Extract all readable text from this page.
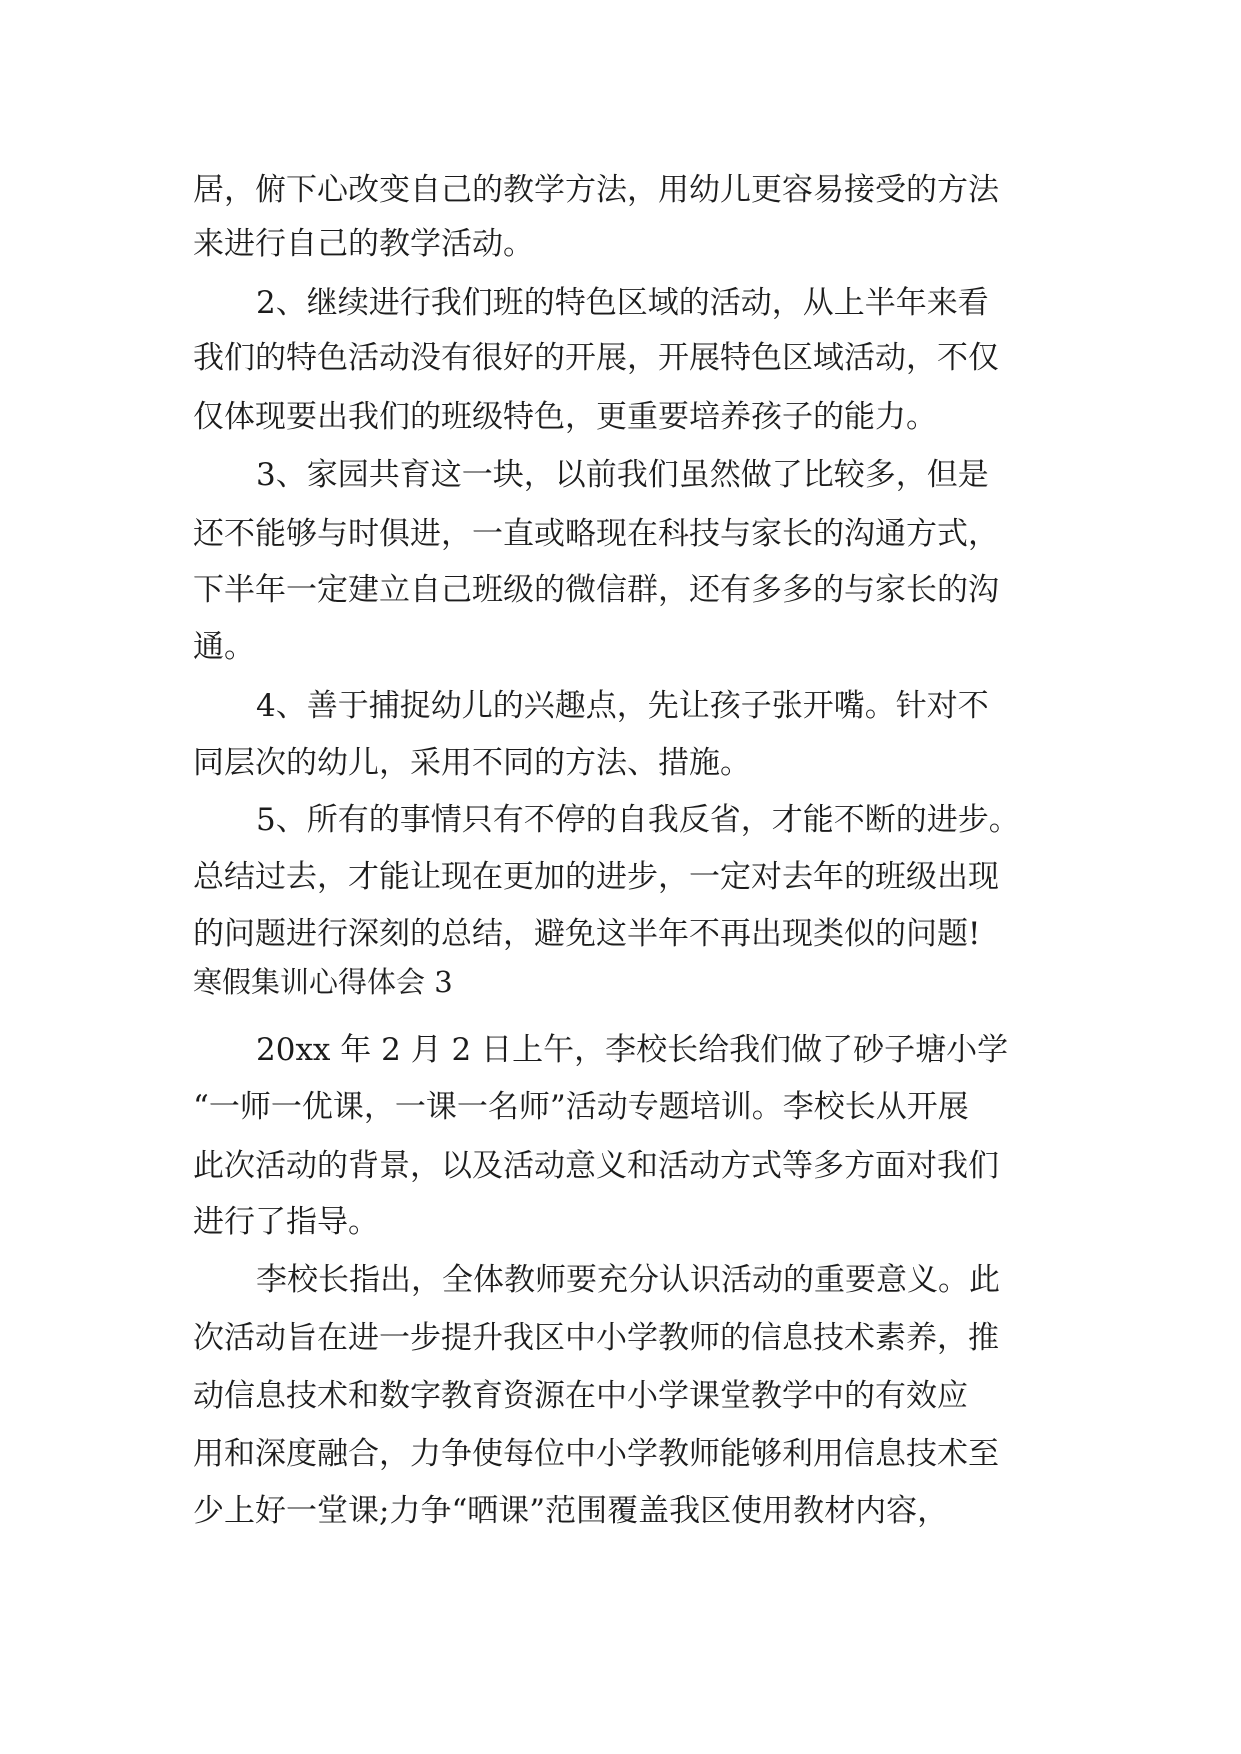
居，俯下心改变自己的教学方法，用幼儿更容易接受的方法

来进行自己的教学活动。

2、继续进行我们班的特色区域的活动，从上半年来看

我们的特色活动没有很好的开展，开展特色区域活动，不仅

仅体现要出我们的班级特色，更重要培养孩子的能力。

3、家园共育这一块，以前我们虽然做了比较多，但是

还不能够与时俱进，一直或略现在科技与家长的沟通方式，

下半年一定建立自己班级的微信群，还有多多的与家长的沟

通。

4、善于捕捉幼儿的兴趣点，先让孩子张开嘴。针对不

同层次的幼儿，采用不同的方法、措施。

5、所有的事情只有不停的自我反省，才能不断的进步。

总结过去，才能让现在更加的进步，一定对去年的班级出现

的问题进行深刻的总结，避免这半年不再出现类似的问题!

寒假集训心得体会 3

20xx 年 2 月 2 日上午，李校长给我们做了砂子塘小学

“一师一优课，一课一名师”活动专题培训。李校长从开展

此次活动的背景，以及活动意义和活动方式等多方面对我们

进行了指导。

李校长指出，全体教师要充分认识活动的重要意义。此

次活动旨在进一步提升我区中小学教师的信息技术素养，推

动信息技术和数字教育资源在中小学课堂教学中的有效应

用和深度融合，力争使每位中小学教师能够利用信息技术至

少上好一堂课;力争“晒课”范围覆盖我区使用教材内容，
